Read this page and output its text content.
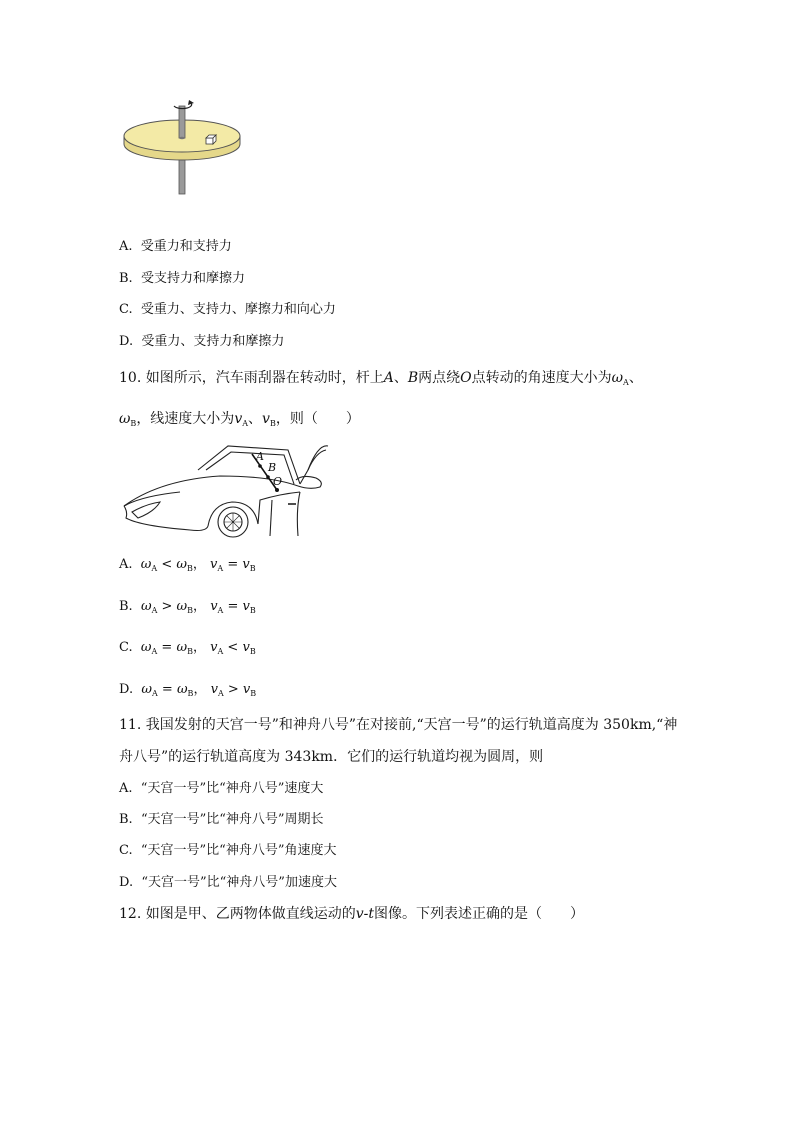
A. 受重力和支持力
B. 受支持力和摩擦力
C. 受重力、支持力、摩擦力和向心力
D. 受重力、支持力和摩擦力
10. 如图所示，汽车雨刮器在转动时，杆上A、B两点绕O点转动的角速度大小为$\omega_A$、
$\omega_B$，线速度大小为$v_A$、$v_B$，则（　　）
A
B
O
A. $\omega_A < \omega_B$， $v_A = v_B$
B. $\omega_A > \omega_B$， $v_A = v_B$
C. $\omega_A = \omega_B$， $v_A < v_B$
D. $\omega_A = \omega_B$， $v_A > v_B$
11. 我国发射的天宫一号”和神舟八号”在对接前,“天宫一号”的运行轨道高度为 350km,“神
舟八号”的运行轨道高度为 343km．它们的运行轨道均视为圆周，则
A. “天宫一号”比“神舟八号”速度大
B. “天宫一号”比“神舟八号”周期长
C. “天宫一号”比“神舟八号”角速度大
D. “天宫一号”比“神舟八号”加速度大
12. 如图是甲、乙两物体做直线运动的v-t图像。下列表述正确的是（　　）
